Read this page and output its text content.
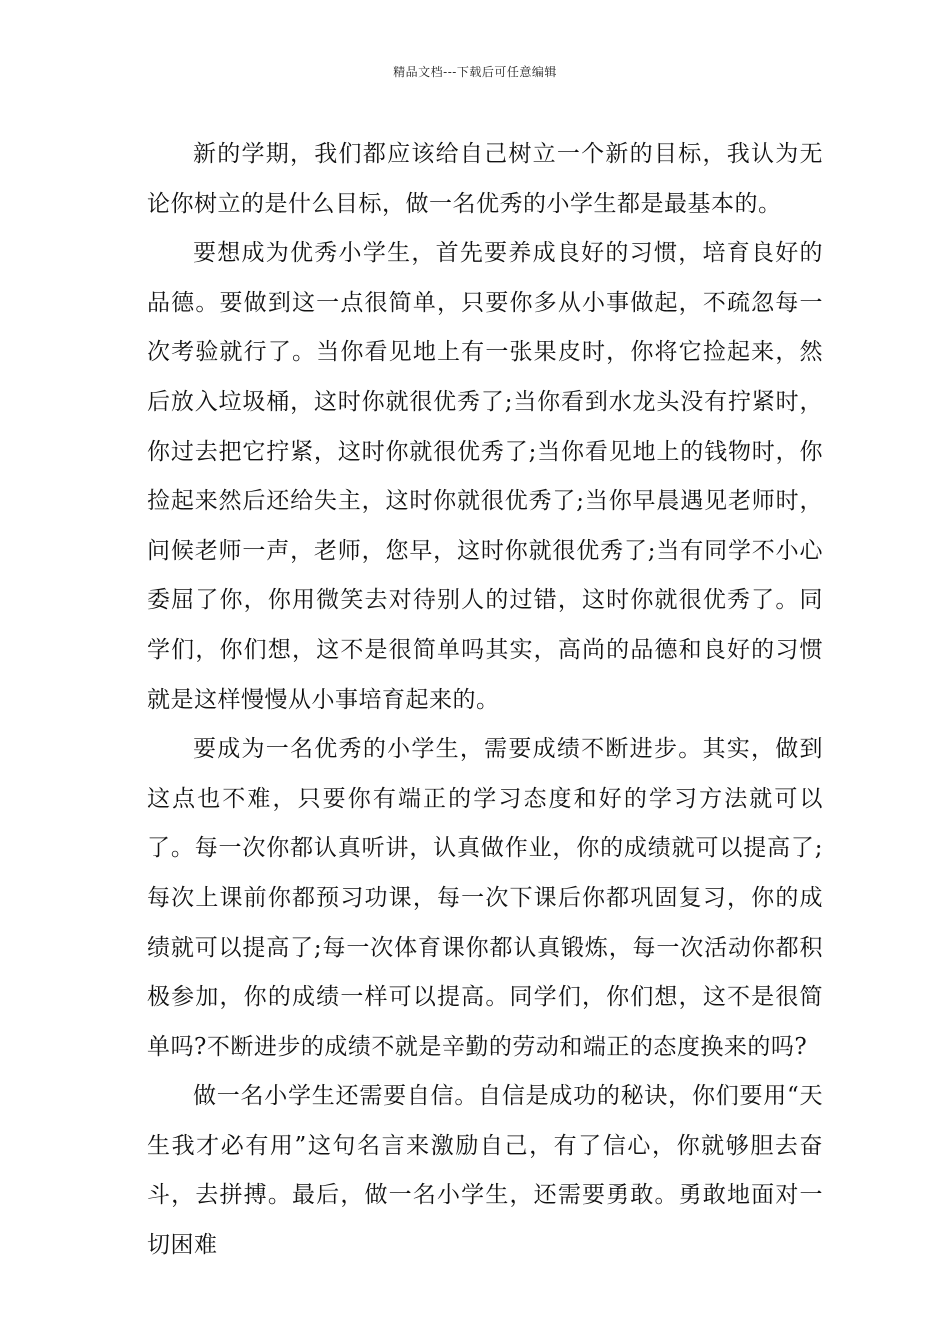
精品文档---下载后可任意编辑

新的学期，我们都应该给自己树立一个新的目标，我认为无论你树立的是什么目标，做一名优秀的小学生都是最基本的。

要想成为优秀小学生，首先要养成良好的习惯，培育良好的品德。要做到这一点很简单，只要你多从小事做起，不疏忽每一次考验就行了。当你看见地上有一张果皮时，你将它捡起来，然后放入垃圾桶，这时你就很优秀了;当你看到水龙头没有拧紧时，你过去把它拧紧，这时你就很优秀了;当你看见地上的钱物时，你捡起来然后还给失主，这时你就很优秀了;当你早晨遇见老师时，问候老师一声，老师，您早，这时你就很优秀了;当有同学不小心委屈了你，你用微笑去对待别人的过错，这时你就很优秀了。同学们，你们想，这不是很简单吗其实，高尚的品德和良好的习惯就是这样慢慢从小事培育起来的。

要成为一名优秀的小学生，需要成绩不断进步。其实，做到这点也不难，只要你有端正的学习态度和好的学习方法就可以了。每一次你都认真听讲，认真做作业，你的成绩就可以提高了;每次上课前你都预习功课，每一次下课后你都巩固复习，你的成绩就可以提高了;每一次体育课你都认真锻炼，每一次活动你都积极参加，你的成绩一样可以提高。同学们，你们想，这不是很简单吗?不断进步的成绩不就是辛勤的劳动和端正的态度换来的吗?

做一名小学生还需要自信。自信是成功的秘诀，你们要用“天生我才必有用”这句名言来激励自己，有了信心，你就够胆去奋斗，去拼搏。最后，做一名小学生，还需要勇敢。勇敢地面对一切困难
